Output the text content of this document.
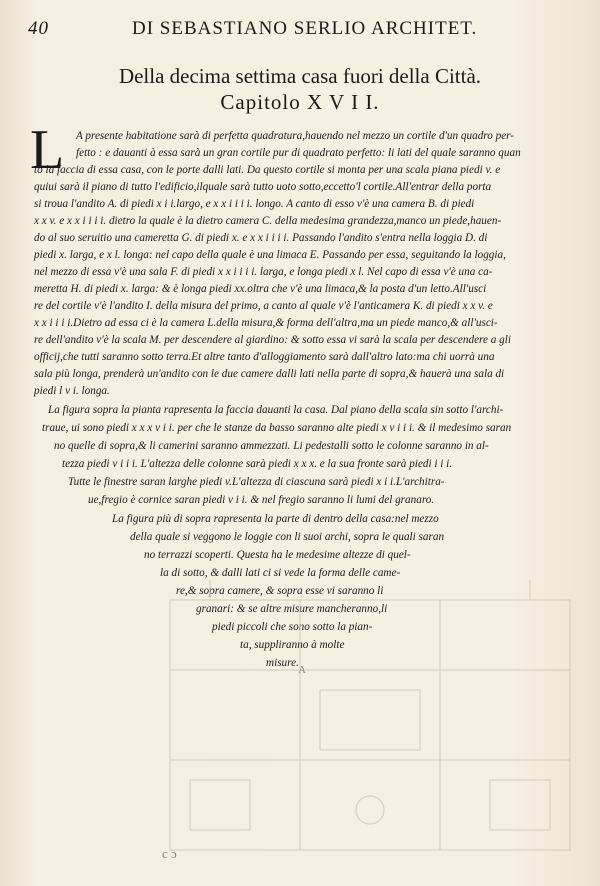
40	DI SEBASTIANO SERLIO ARCHITET.
Della decima settima casa fuori della Città.
Capitolo X V I I.
L A presente habitatione sarà di perfetta quadratura,hauendo nel mezzo un cortile d'un quadro per-
fetto : e dauanti à essa sarà un gran cortile pur di quadrato perfetto: li lati del quale saranno quan
to la faccia di essa casa, con le porte dalli lati. Da questo cortile si monta per una scala piana piedi v. e
quiui sarà il piano di tutto l'edificio,ilquale sarà tutto uoto sotto,eccetto'l cortile.All'entrar della porta
si troua l'andito A. di piedi x i i.largo, e x x i i i i. longo. A canto di esso v'è una camera B. di piedi
x x v. e x x i i i i. dietro la quale è la dietro camera C. della medesima grandezza,manco un piede,hauen-
do al suo seruitio una cameretta G. di piedi x. e x x i i i i. Passando l'andito s'entra nella loggia D. di
piedi x. larga, e x l. longa: nel capo della quale è una limaca E. Passando per essa, seguitando la loggia,
nel mezzo di essa v'è una sala F. di piedi x x i i i i. larga, e longa piedi x l. Nel capo di essa v'è una ca-
meretta H. di piedi x. larga: & è longa piedi xx.oltra che v'è una limaca,& la posta d'un letto.All'usci
re del cortile v'è l'andito I. della misura del primo, a canto al quale v'è l'anticamera K. di piedi x x v. e
x x i i i i.Dietro ad essa ci è la camera L.della misura,& forma dell'altra,ma un piede manco,& all'usci-
re dell'andito v'è la scala M. per descendere al giardino: & sotto essa vi sarà la scala per descendere a gli
officij,che tutti saranno sotto terra.Et altre tanto d'alloggiamento sarà dall'altro lato:ma chi uorrà una
sala più longa, prenderà un'andito con le due camere dalli lati nella parte di sopra,& hauerà una sala di
piedi l v i. longa.
La figura sopra la pianta rapresenta la faccia dauanti la casa. Dal piano della scala sin sotto l'archi-
traue, ui sono piedi x x x v i i. per che le stanze da basso saranno alte piedi x v i i i. & il medesimo saran
no quelle di sopra,& li camerini saranno ammezzati. Li pedestalli sotto le colonne saranno in al-
tezza piedi v i i i. L'altezza delle colonne sarà piedi x x x. e la sua fronte sarà piedi i i i.
Tutte le finestre saran larghe piedi v.L'altezza di ciascuna sarà piedi x i i.L'architra-
ue,fregio è cornice saran piedi v i i. & nel fregio saranno li lumi del granaro.
La figura più di sopra rapresenta la parte di dentro della casa:nel mezzo
della quale si veggono le loggie con li suoi archi, sopra le quali saran
no terrazzi scoperti. Questa ha le medesime altezze di quel-
la di sotto, & dalli lati ci si vede la forma delle came-
re,& sopra camere, & sopra esse vi saranno li
granari: & se altre misure mancheranno,li
piedi piccoli che sono sotto la pian-
ta, suppliranno à molte
misure.
A
c ɔ
